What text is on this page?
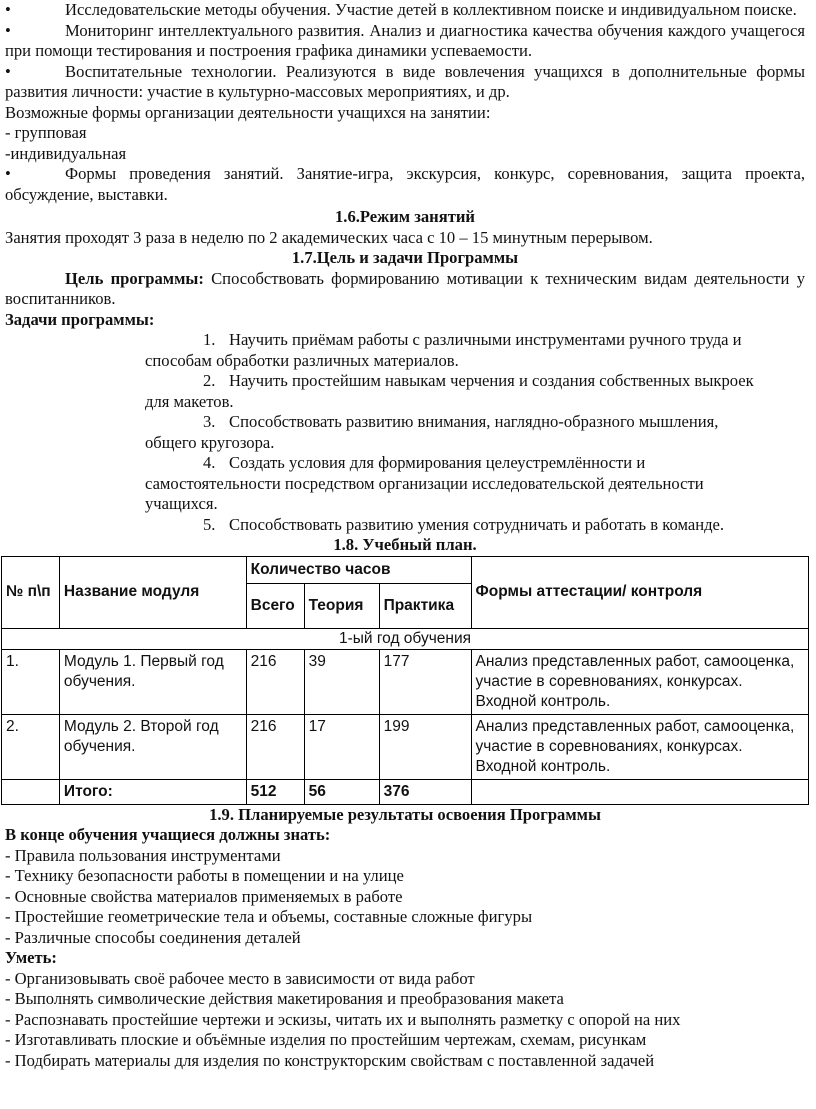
•	Исследовательские методы обучения. Участие детей в коллективном поиске и индивидуальном поиске.

•	Мониторинг интеллектуального развития. Анализ и диагностика качества обучения каждого учащегося при помощи тестирования и построения графика динамики успеваемости.

•	Воспитательные технологии. Реализуются в виде вовлечения учащихся в дополнительные формы развития личности: участие в культурно-массовых мероприятиях, и др.

Возможные формы организации деятельности учащихся на занятии:

- групповая

-индивидуальная

•	Формы проведения занятий. Занятие-игра, экскурсия, конкурс, соревнования, защита проекта, обсуждение, выставки.

1.6.Режим занятий

Занятия проходят 3 раза в неделю по 2 академических часа с 10 – 15 минутным перерывом.

1.7.Цель и задачи Программы

Цель программы: Способствовать формированию мотивации к техническим видам деятельности у воспитанников.

Задачи программы:

1. Научить приёмам работы с различными инструментами ручного труда и способам обработки различных материалов.
2. Научить простейшим навыкам черчения и создания собственных выкроек для макетов.
3. Способствовать развитию внимания, наглядно-образного мышления, общего кругозора.
4. Создать условия для формирования целеустремлённости и самостоятельности посредством организации исследовательской деятельности учащихся.
5. Способствовать развитию умения сотрудничать и работать в команде.

1.8. Учебный план.

№ п\п	Название модуля	Количество часов			Формы аттестации/ контроля
		Всего	Теория	Практика	
1-ый год обучения					
1.	Модуль 1. Первый год обучения.	216	39	177	Анализ представленных работ, самооценка, участие в соревнованиях, конкурсах. Входной контроль.
2.	Модуль 2. Второй год обучения.	216	17	199	Анализ представленных работ, самооценка, участие в соревнованиях, конкурсах. Входной контроль.
	Итого:	512	56	376	

1.9. Планируемые результаты освоения Программы

В конце обучения учащиеся должны знать:

- Правила пользования инструментами

- Технику безопасности работы в помещении и на улице

- Основные свойства материалов применяемых в работе

- Простейшие геометрические тела и объемы, составные сложные фигуры

- Различные способы соединения деталей

Уметь:

- Организовывать своё рабочее место в зависимости от вида работ

- Выполнять символические действия макетирования и преобразования макета

- Распознавать простейшие чертежи и эскизы, читать их и выполнять разметку с опорой на них

- Изготавливать плоские и объёмные изделия по простейшим чертежам, схемам, рисункам

- Подбирать материалы для изделия по конструкторским свойствам с поставленной задачей
